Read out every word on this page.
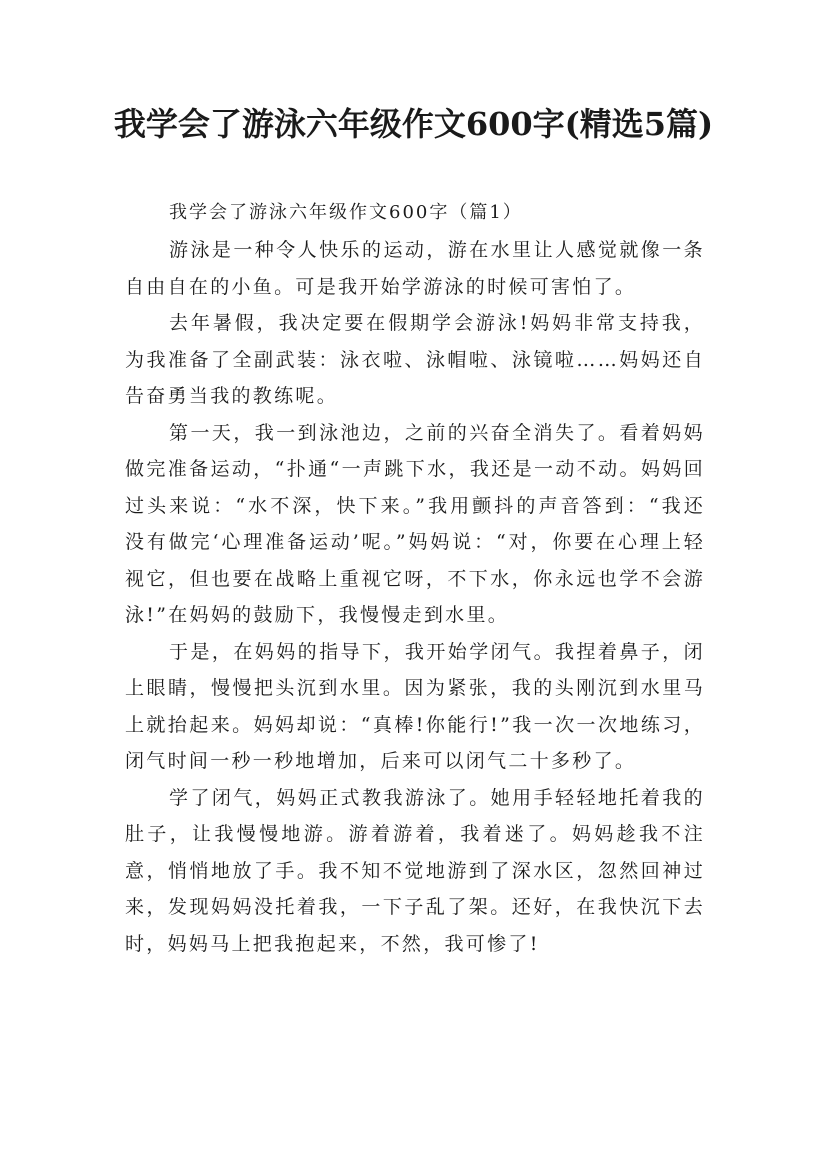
我学会了游泳六年级作文600字(精选5篇)

我学会了游泳六年级作文600字（篇1）

游泳是一种令人快乐的运动，游在水里让人感觉就像一条自由自在的小鱼。可是我开始学游泳的时候可害怕了。

去年暑假，我决定要在假期学会游泳!妈妈非常支持我，为我准备了全副武装：泳衣啦、泳帽啦、泳镜啦……妈妈还自告奋勇当我的教练呢。

第一天，我一到泳池边，之前的兴奋全消失了。看着妈妈做完准备运动，“扑通“一声跳下水，我还是一动不动。妈妈回过头来说：“水不深，快下来。”我用颤抖的声音答到：“我还没有做完‘心理准备运动’呢。”妈妈说：“对，你要在心理上轻视它，但也要在战略上重视它呀，不下水，你永远也学不会游泳!”在妈妈的鼓励下，我慢慢走到水里。

于是，在妈妈的指导下，我开始学闭气。我捏着鼻子，闭上眼睛，慢慢把头沉到水里。因为紧张，我的头刚沉到水里马上就抬起来。妈妈却说：“真棒!你能行!”我一次一次地练习，闭气时间一秒一秒地增加，后来可以闭气二十多秒了。

学了闭气，妈妈正式教我游泳了。她用手轻轻地托着我的肚子，让我慢慢地游。游着游着，我着迷了。妈妈趁我不注意，悄悄地放了手。我不知不觉地游到了深水区，忽然回神过来，发现妈妈没托着我，一下子乱了架。还好，在我快沉下去时，妈妈马上把我抱起来，不然，我可惨了!
